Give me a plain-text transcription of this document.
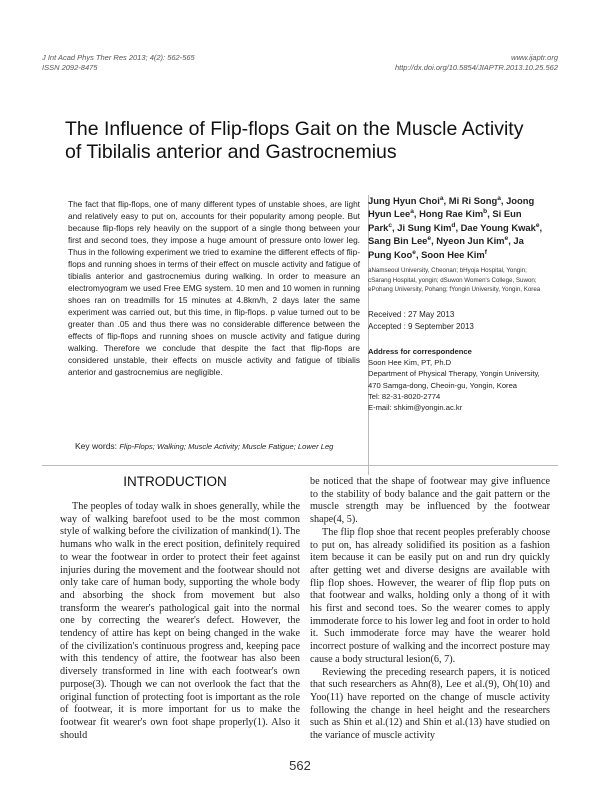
J Int Acad Phys Ther Res 2013; 4(2): 562-565
ISSN 2092-8475
www.ijaptr.org
http://dx.doi.org/10.5854/JIAPTR.2013.10.25.562
The Influence of Flip-flops Gait on the Muscle Activity of Tibilalis anterior and Gastrocnemius
The fact that flip-flops, one of many different types of unstable shoes, are light and relatively easy to put on, accounts for their popularity among people. But because flip-flops rely heavily on the support of a single thong between your first and second toes, they impose a huge amount of pressure onto lower leg. Thus in the following experiment we tried to examine the different effects of flip-flops and running shoes in terms of their effect on muscle activity and fatigue of tibialis anterior and gastrocnemius during walking. In order to measure an electromyogram we used Free EMG system. 10 men and 10 women in running shoes ran on treadmills for 15 minutes at 4.8km/h, 2 days later the same experiment was carried out, but this time, in flip-flops. p value turned out to be greater than .05 and thus there was no considerable difference between the effects of flip-flops and running shoes on muscle activity and fatigue during walking. Therefore we conclude that despite the fact that flip-flops are considered unstable, their effects on muscle activity and fatigue of tibialis anterior and gastrocnemius are negligible.
Jung Hyun Choi$^a$, Mi Ri Song$^a$, Joong Hyun Lee$^a$, Hong Rae Kim$^b$, Si Eun Park$^c$, Ji Sung Kim$^d$, Dae Young Kwak$^e$, Sang Bin Lee$^e$, Nyeon Jun Kim$^e$, Ja Pung Koo$^e$, Soon Hee Kim$^f$
aNamseoul University, Cheonan; bHyoja Hospital, Yongin; cSarang Hospital, yongin; dSuwon Women's College, Suwon; ePohang University, Pohang; fYongin University, Yongin, Korea
Received : 27 May 2013
Accepted : 9 September 2013
Address for correspondence
Soon Hee Kim, PT, Ph.D
Department of Physical Therapy, Yongin University, 470 Samga-dong, Cheoin-gu, Yongin, Korea
Tel: 82-31-8020-2774
E-mail: shkim@yongin.ac.kr
Key words: Flip-Flops; Walking; Muscle Activity; Muscle Fatigue; Lower Leg
INTRODUCTION

The peoples of today walk in shoes generally, while the way of walking barefoot used to be the most common style of walking before the civilization of mankind(1). The humans who walk in the erect position, definitely required to wear the footwear in order to protect their feet against injuries during the movement and the footwear should not only take care of human body, supporting the whole body and absorbing the shock from movement but also transform the wearer's pathological gait into the normal one by correcting the wearer's defect. However, the tendency of attire has kept on being changed in the wake of the civilization's continuous progress and, keeping pace with this tendency of attire, the footwear has also been diversely transformed in line with each footwear's own purpose(3). Though we can not overlook the fact that the original function of protecting foot is important as the role of footwear, it is more important for us to make the footwear fit wearer's own foot shape properly(1). Also it should

be noticed that the shape of footwear may give influence to the stability of body balance and the gait pattern or the muscle strength may be influenced by the footwear shape(4, 5).

The flip flop shoe that recent peoples preferably choose to put on, has already solidified its position as a fashion item because it can be easily put on and run dry quickly after getting wet and diverse designs are available with flip flop shoes. However, the wearer of flip flop puts on that footwear and walks, holding only a thong of it with his first and second toes. So the wearer comes to apply immoderate force to his lower leg and foot in order to hold it. Such immoderate force may have the wearer hold incorrect posture of walking and the incorrect posture may cause a body structural lesion(6, 7).

Reviewing the preceding research papers, it is noticed that such researchers as Ahn(8), Lee et al.(9), Oh(10) and Yoo(11) have reported on the change of muscle activity following the change in heel height and the researchers such as Shin et al.(12) and Shin et al.(13) have studied on the variance of muscle activity

562
